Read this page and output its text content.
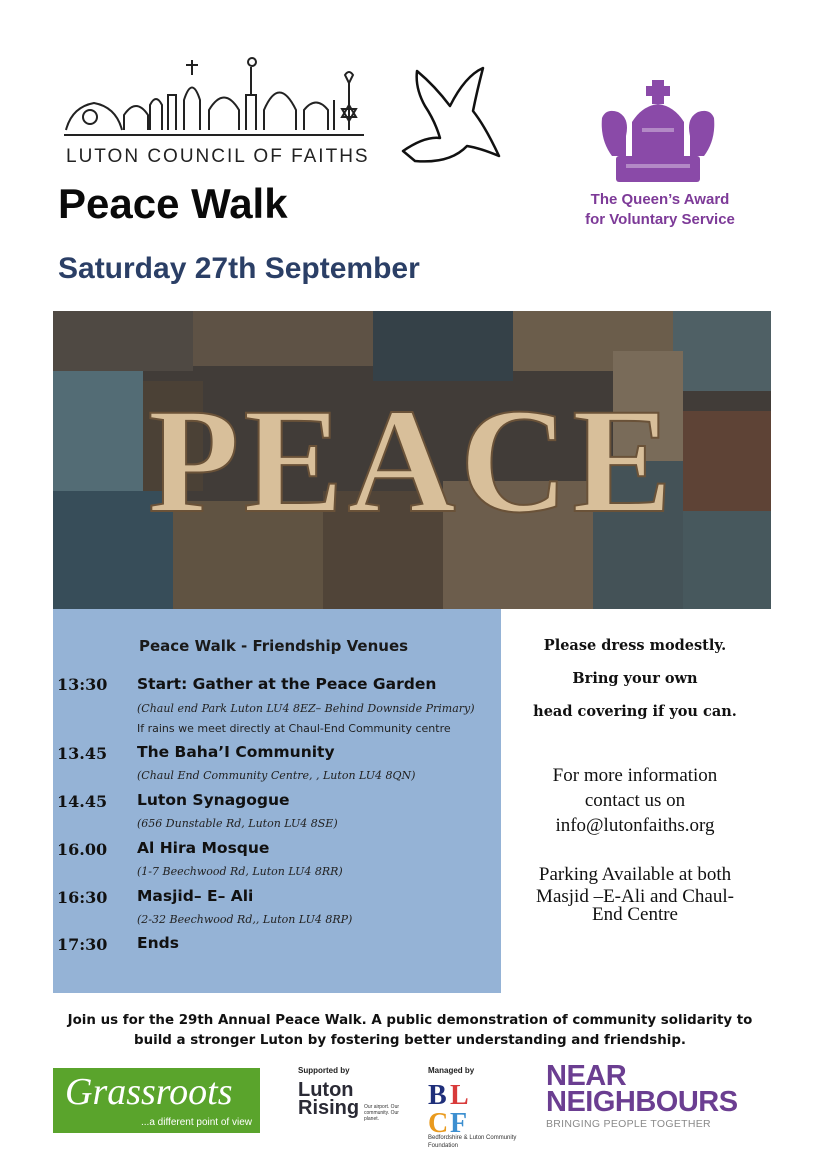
LUTON COUNCIL OF FAITHS
Peace Walk
Saturday 27th September
The Queen’s Award
for Voluntary Service
PEACE
Peace Walk - Friendship Venues
13:30 Start: Gather at the Peace Garden
(Chaul end Park Luton LU4 8EZ– Behind Downside Primary)
If rains we meet directly at Chaul-End Community centre
13.45 The Baha’I Community
(Chaul End Community Centre, , Luton LU4 8QN)
14.45 Luton Synagogue
(656 Dunstable Rd, Luton LU4 8SE)
16.00 Al Hira Mosque
(1-7 Beechwood Rd, Luton LU4 8RR)
16:30 Masjid– E– Ali
(2-32 Beechwood Rd,, Luton LU4 8RP)
17:30 Ends
Please dress modestly.
Bring your own
head covering if you can.
For more information
contact us on
info@lutonfaiths.org
Parking Available at both
Masjid –E-Ali and Chaul-
End Centre
Join us for the 29th Annual Peace Walk. A public demonstration of community solidarity to
build a stronger Luton by fostering better understanding and friendship.
Grassroots
...a different point of view
Supported by
Luton
Rising Our airport. Our community. Our planet.
Managed by
B L
C F
Bedfordshire & Luton Community Foundation
NEAR
NEIGHBOURS
BRINGING PEOPLE TOGETHER
